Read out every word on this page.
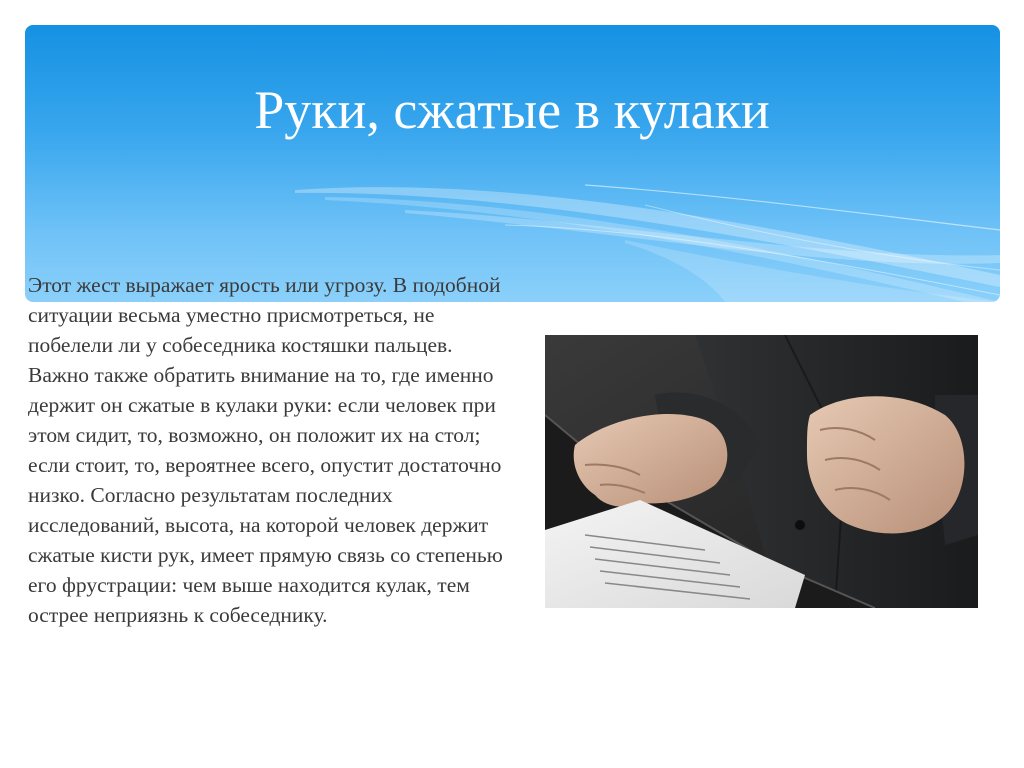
Руки, сжатые в кулаки

Этот жест выражает ярость или угрозу. В подобной ситуации весьма уместно присмотреться, не побелели ли у собеседника костяшки пальцев. Важно также обратить внимание на то, где именно держит он сжатые в кулаки руки: если человек при этом сидит, то, возможно, он положит их на стол; если стоит, то, вероятнее всего, опустит достаточно низко. Согласно результатам последних исследований, высота, на которой человек держит сжатые кисти рук, имеет прямую связь со степенью его фрустрации: чем выше находится кулак, тем острее неприязнь к собеседнику.
